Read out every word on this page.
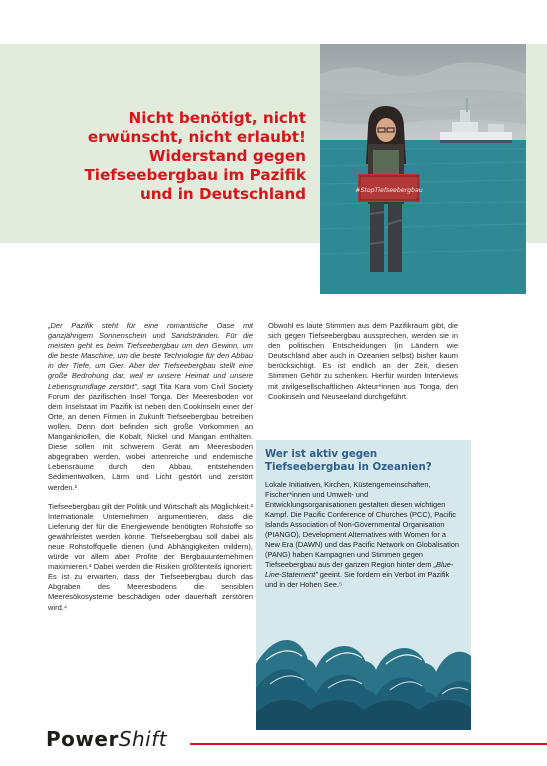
Nicht benötigt, nicht
erwünscht, nicht erlaubt!
Widerstand gegen
Tiefseebergbau im Pazifik
und in Deutschland	#StopTiefseebergbau

„Der Pazifik steht für eine romantische Oase mit ganzjährigem Sonnenschein und Sandstränden. Für die meisten geht es beim Tiefseebergbau um den Gewinn, um die beste Maschine, um die beste Technologie für den Abbau in der Tiefe, um Gier. Aber der Tiefseebergbau stellt eine große Bedrohung dar, weil er unsere Heimat und unsere Lebensgrundlage zerstört", sagt Tita Kara vom Civil Society Forum der pazifischen Insel Tonga. Der Meeresboden vor dem Inselstaat im Pazifik ist neben den Cookinseln einer der Orte, an denen Firmen in Zukunft Tiefseebergbau betreiben wollen. Denn dort befinden sich große Vorkommen an Manganknollen, die Kobalt, Nickel und Mangan enthalten. Diese sollen mit schwerem Gerät am Meeresboden abgegraben werden, wobei artenreiche und endemische Lebensräume durch den Abbau, entstehenden Sedimentwolken, Lärm und Licht gestört und zerstört werden.¹

Tiefseebergbau gilt der Politik und Wirtschaft als Möglichkeit.² Internationale Unternehmen argumentieren, dass die Lieferung der für die Energiewende benötigten Rohstoffe so gewährleistet werden könne. Tiefseebergbau soll dabei als neue Rohstoffquelle dienen (und Abhängigkeiten mildern), würde vor allem aber Profite der Bergbauunternehmen maximieren.³ Dabei werden die Risiken größtenteils ignoriert: Es ist zu erwarten, dass der Tiefseebergbau durch das Abgraben des Meeresbodens die sensiblen Meeresökosysteme beschädigen oder dauerhaft zerstören wird.⁴

Obwohl es laute Stimmen aus dem Pazifikraum gibt, die sich gegen Tiefseebergbau aussprechen, werden sie in den politischen Entscheidungen (in Ländern wie Deutschland aber auch in Ozeanien selbst) bisher kaum berücksichtigt. Es ist endlich an der Zeit, diesen Stimmen Gehör zu schenken. Hierfür wurden Interviews mit zivilgesellschaftlichen Akteur*innen aus Tonga, den Cookinseln und Neuseeland durchgeführt.

Wer ist aktiv gegen Tiefseebergbau in Ozeanien?
Lokale Initiativen, Kirchen, Küstengemeinschaften, Fischer*innen und Umwelt- und Entwicklungsorganisationen gestalten diesen wichtigen Kampf. Die Pacific Conference of Churches (PCC), Pacific Islands Association of Non-Governmental Organisation (PIANGO), Development Alternatives with Women for a New Era (DAWN) und das Pacific Network on Globalisation (PANG) haben Kampagnen und Stimmen gegen Tiefseebergbau aus der ganzen Region hinter dem „Blue-Line-Statement" geeint. Sie fordern ein Verbot im Pazifik und in der Hohen See.⁵
PowerShift
